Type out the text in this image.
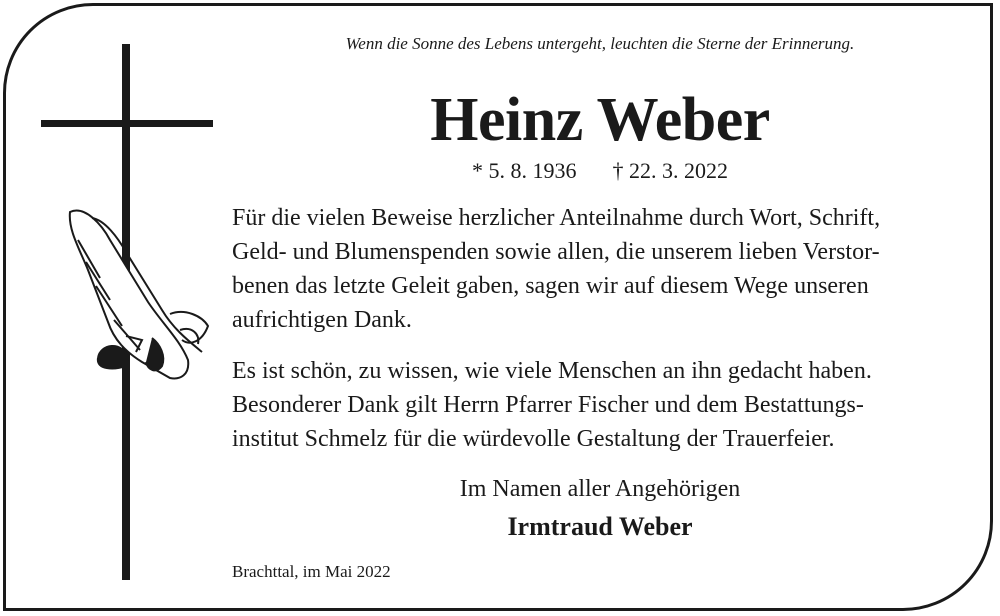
Wenn die Sonne des Lebens untergeht, leuchten die Sterne der Erinnerung.
Heinz Weber
* 5. 8. 1936 † 22. 3. 2022
Für die vielen Beweise herzlicher Anteilnahme durch Wort, Schrift,
Geld- und Blumenspenden sowie allen, die unserem lieben Verstor-
benen das letzte Geleit gaben, sagen wir auf diesem Wege unseren
aufrichtigen Dank.
Es ist schön, zu wissen, wie viele Menschen an ihn gedacht haben.
Besonderer Dank gilt Herrn Pfarrer Fischer und dem Bestattungs-
institut Schmelz für die würdevolle Gestaltung der Trauerfeier.
Im Namen aller Angehörigen
Irmtraud Weber
Brachttal, im Mai 2022
